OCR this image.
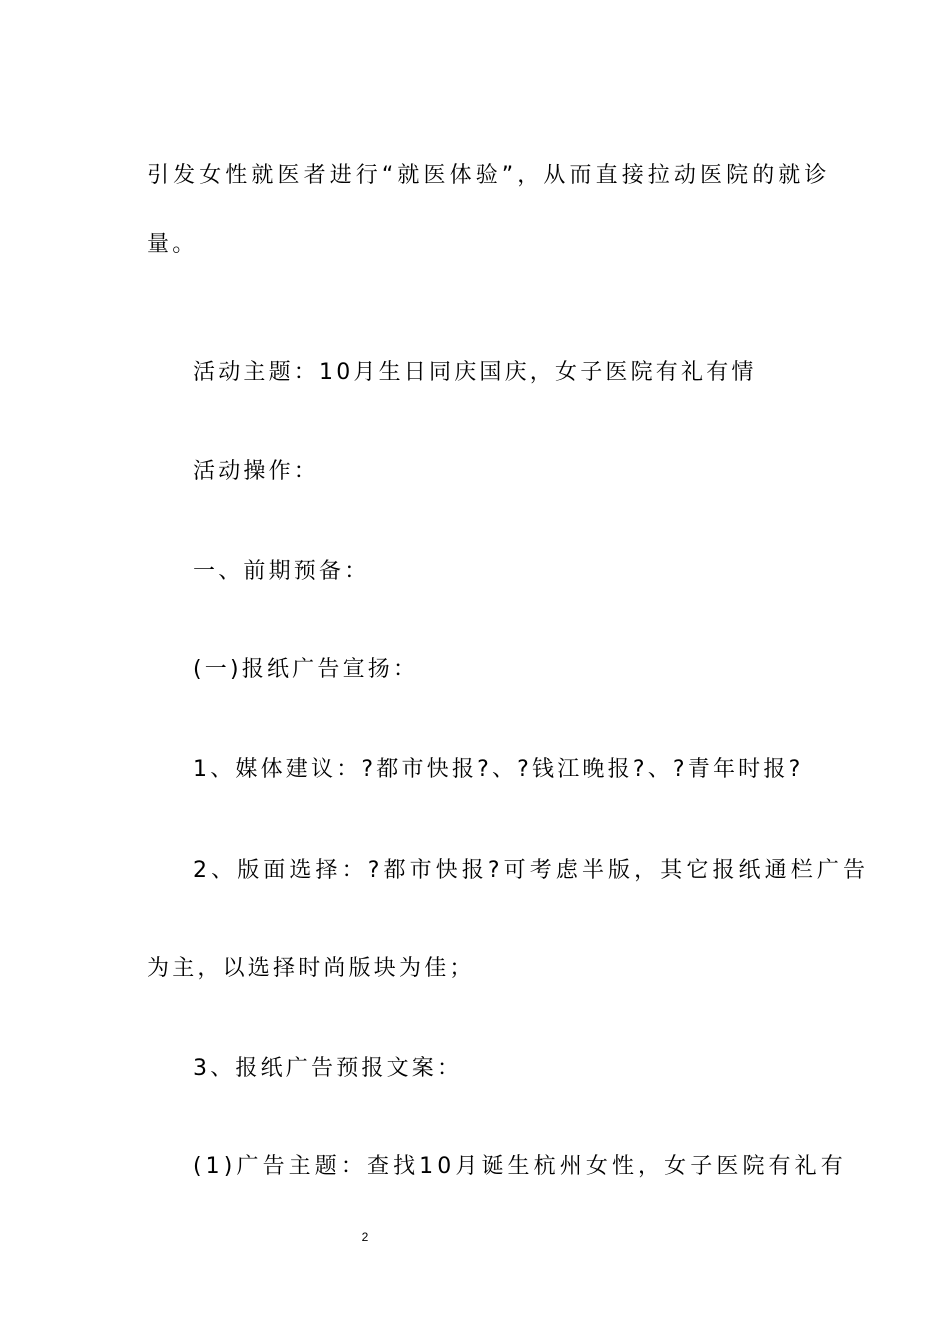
引发女性就医者进行“就医体验”，从而直接拉动医院的就诊

量。

活动主题：10月生日同庆国庆，女子医院有礼有情

活动操作：

一、前期预备：

(一)报纸广告宣扬：

1、媒体建议：?都市快报?、?钱江晚报?、?青年时报?

2、版面选择：?都市快报?可考虑半版，其它报纸通栏广告

为主，以选择时尚版块为佳；

3、报纸广告预报文案：

(1)广告主题：查找10月诞生杭州女性，女子医院有礼有

2
